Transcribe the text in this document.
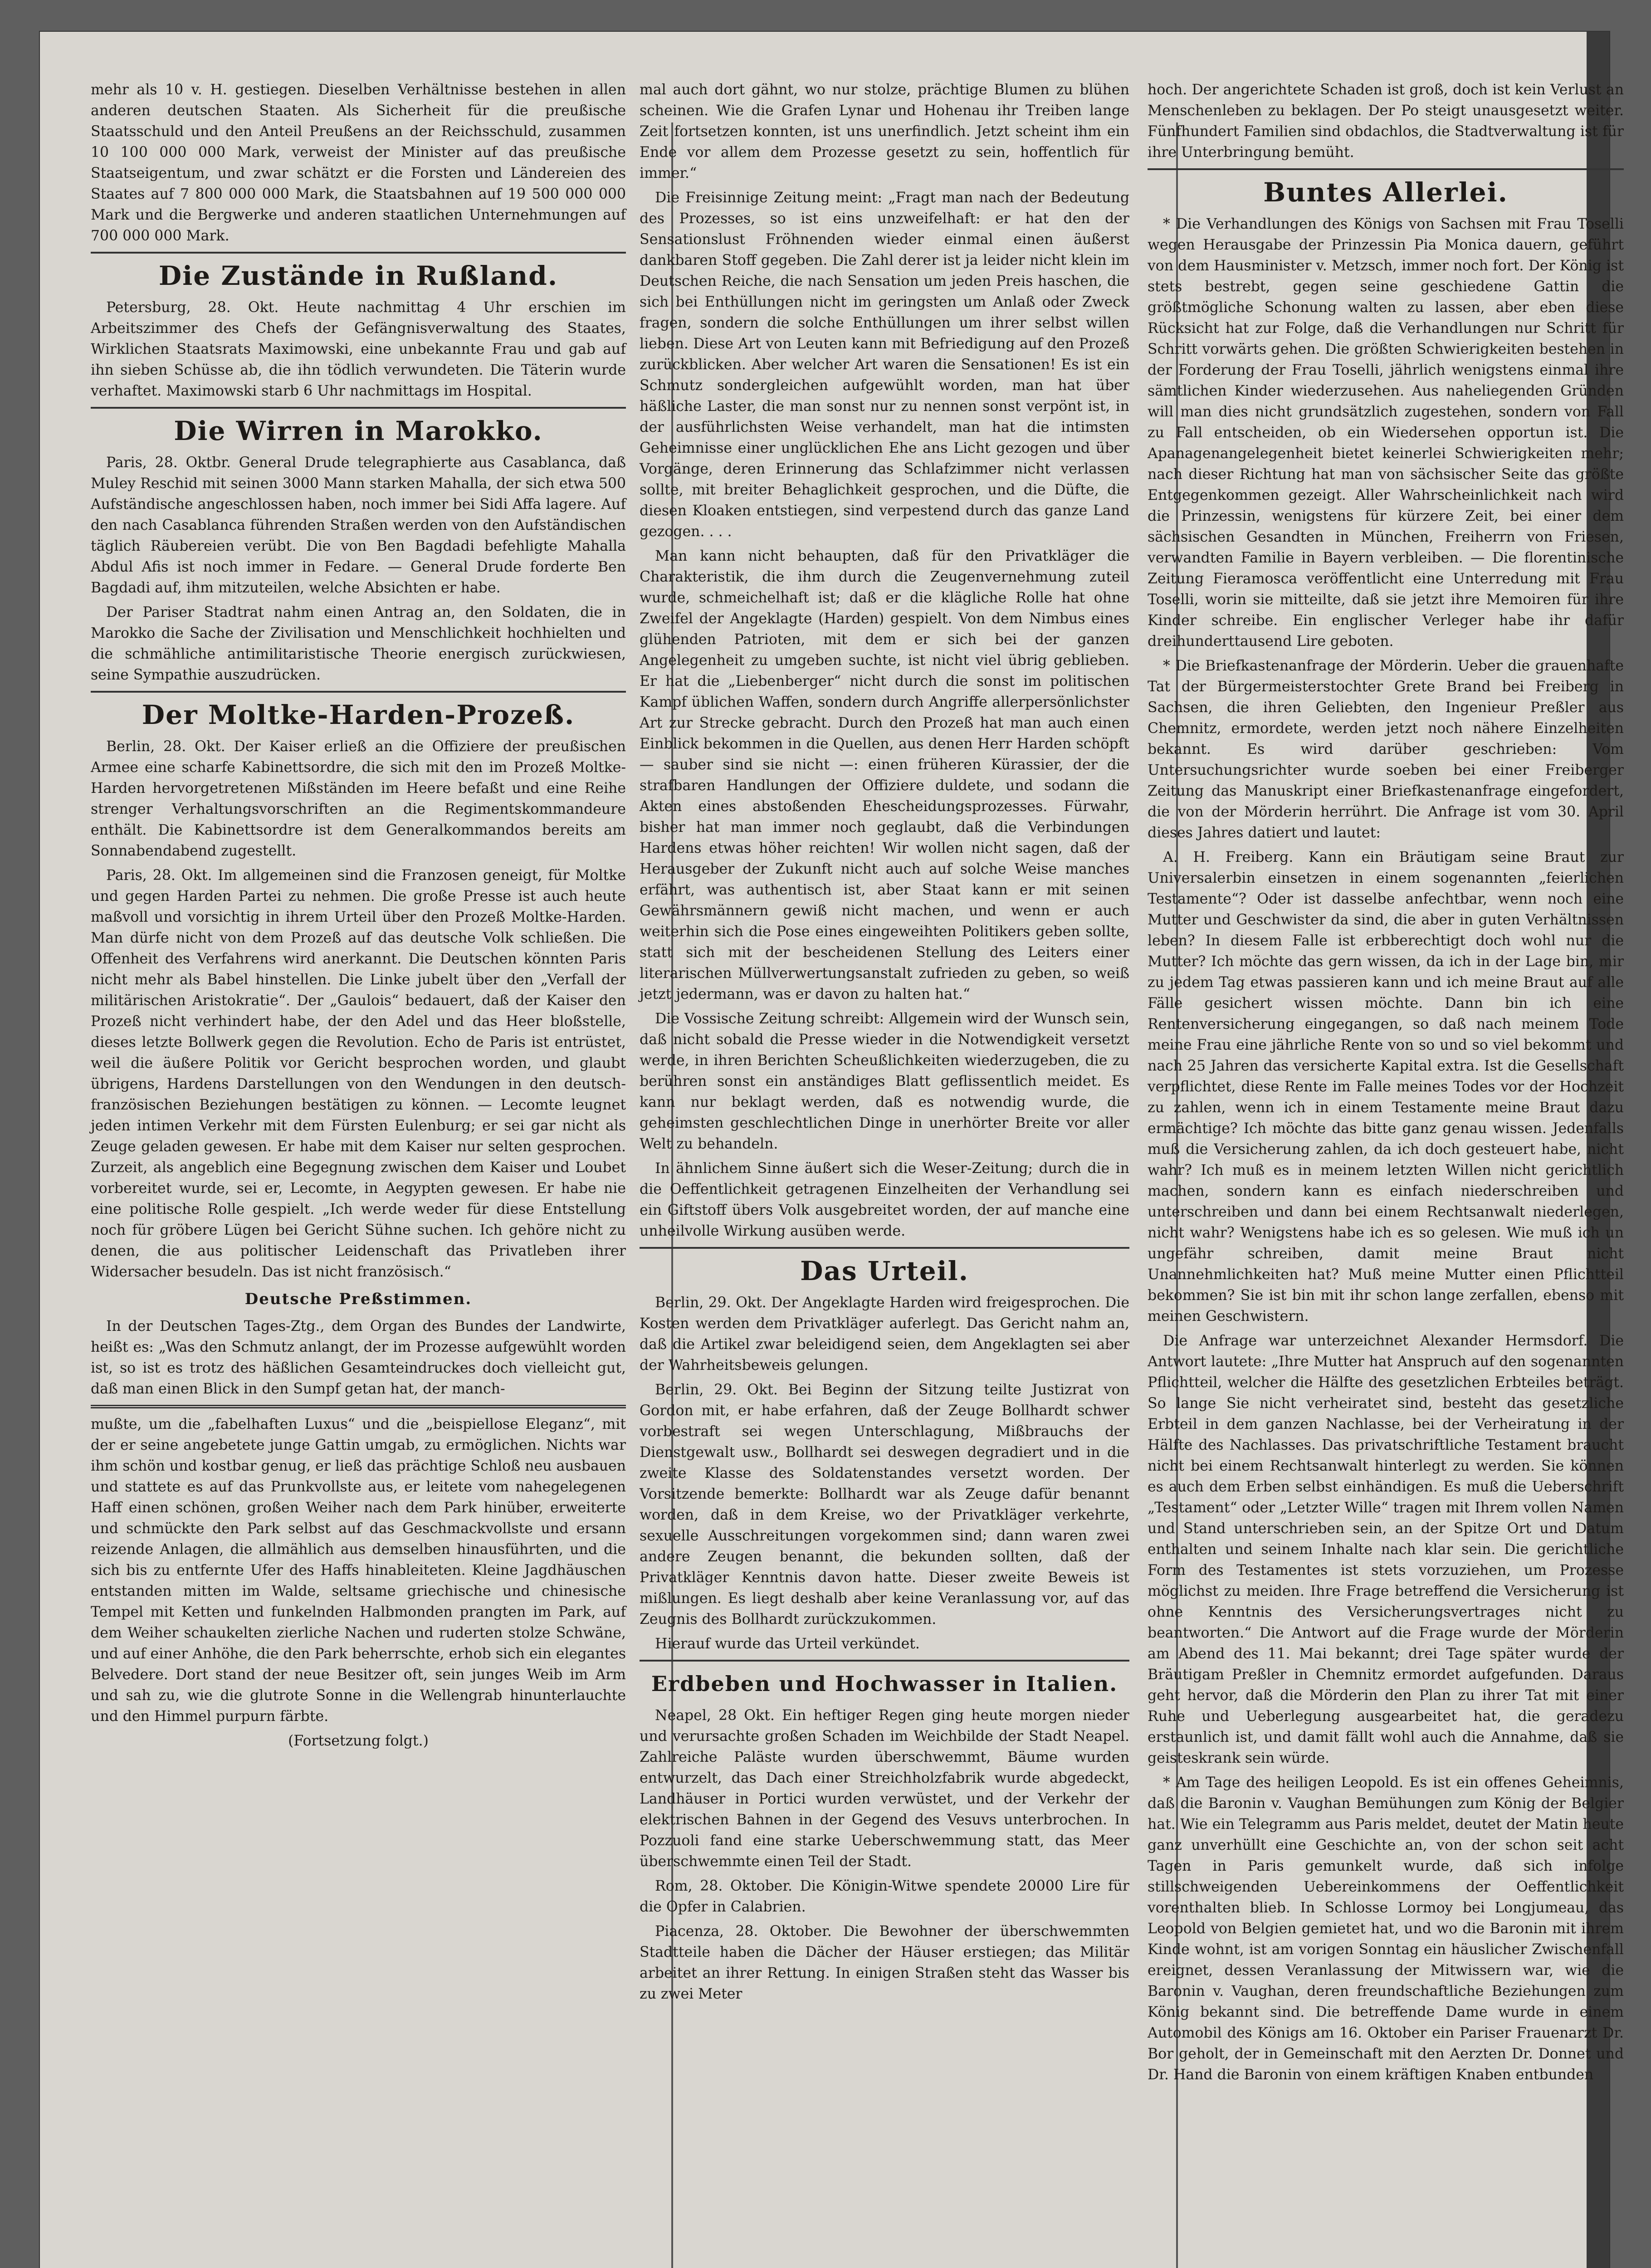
mehr als 10 v. H. gestiegen. Dieselben Verhältnisse bestehen in allen anderen deutschen Staaten. Als Sicherheit für die preußische Staatsschuld und den Anteil Preußens an der Reichsschuld, zusammen 10 100 000 000 Mark, verweist der Minister auf das preußische Staatseigentum, und zwar schätzt er die Forsten und Ländereien des Staates auf 7 800 000 000 Mark, die Staatsbahnen auf 19 500 000 000 Mark und die Bergwerke und anderen staatlichen Unternehmungen auf 700 000 000 Mark.

Die Zustände in Rußland.

Petersburg, 28. Okt. Heute nachmittag 4 Uhr erschien im Arbeitszimmer des Chefs der Gefängnisverwaltung des Staates, Wirklichen Staatsrats Maximowski, eine unbekannte Frau und gab auf ihn sieben Schüsse ab, die ihn tödlich verwundeten. Die Täterin wurde verhaftet. Maximowski starb 6 Uhr nachmittags im Hospital.

Die Wirren in Marokko.

Paris, 28. Oktbr. General Drude telegraphierte aus Casablanca, daß Muley Reschid mit seinen 3000 Mann starken Mahalla, der sich etwa 500 Aufständische angeschlossen haben, noch immer bei Sidi Affa lagere. Auf den nach Casablanca führenden Straßen werden von den Aufständischen täglich Räubereien verübt. Die von Ben Bagdadi befehligte Mahalla Abdul Afis ist noch immer in Fedare. — General Drude forderte Ben Bagdadi auf, ihm mitzuteilen, welche Absichten er habe.

Der Pariser Stadtrat nahm einen Antrag an, den Soldaten, die in Marokko die Sache der Zivilisation und Menschlichkeit hochhielten und die schmähliche antimilitaristische Theorie energisch zurückwiesen, seine Sympathie auszudrücken.

Der Moltke-Harden-Prozeß.

Berlin, 28. Okt. Der Kaiser erließ an die Offiziere der preußischen Armee eine scharfe Kabinettsordre, die sich mit den im Prozeß Moltke-Harden hervorgetretenen Mißständen im Heere befaßt und eine Reihe strenger Verhaltungsvorschriften an die Regimentskommandeure enthält. Die Kabinettsordre ist dem Generalkommandos bereits am Sonnabendabend zugestellt.

Paris, 28. Okt. Im allgemeinen sind die Franzosen geneigt, für Moltke und gegen Harden Partei zu nehmen. Die große Presse ist auch heute maßvoll und vorsichtig in ihrem Urteil über den Prozeß Moltke-Harden. Man dürfe nicht von dem Prozeß auf das deutsche Volk schließen. Die Offenheit des Verfahrens wird anerkannt. Die Deutschen könnten Paris nicht mehr als Babel hinstellen. Die Linke jubelt über den „Verfall der militärischen Aristokratie“. Der „Gaulois“ bedauert, daß der Kaiser den Prozeß nicht verhindert habe, der den Adel und das Heer bloßstelle, dieses letzte Bollwerk gegen die Revolution. Echo de Paris ist entrüstet, weil die äußere Politik vor Gericht besprochen worden, und glaubt übrigens, Hardens Darstellungen von den Wendungen in den deutsch-französischen Beziehungen bestätigen zu können. — Lecomte leugnet jeden intimen Verkehr mit dem Fürsten Eulenburg; er sei gar nicht als Zeuge geladen gewesen. Er habe mit dem Kaiser nur selten gesprochen. Zurzeit, als angeblich eine Begegnung zwischen dem Kaiser und Loubet vorbereitet wurde, sei er, Lecomte, in Aegypten gewesen. Er habe nie eine politische Rolle gespielt. „Ich werde weder für diese Entstellung noch für gröbere Lügen bei Gericht Sühne suchen. Ich gehöre nicht zu denen, die aus politischer Leidenschaft das Privatleben ihrer Widersacher besudeln. Das ist nicht französisch.“

Deutsche Preßstimmen.

In der Deutschen Tages-Ztg., dem Organ des Bundes der Landwirte, heißt es: „Was den Schmutz anlangt, der im Prozesse aufgewühlt worden ist, so ist es trotz des häßlichen Gesamteindruckes doch vielleicht gut, daß man einen Blick in den Sumpf getan hat, der manch-

mußte, um die „fabelhaften Luxus“ und die „beispiellose Eleganz“, mit der er seine angebetete junge Gattin umgab, zu ermöglichen. Nichts war ihm schön und kostbar genug, er ließ das prächtige Schloß neu ausbauen und stattete es auf das Prunkvollste aus, er leitete vom nahegelegenen Haff einen schönen, großen Weiher nach dem Park hinüber, erweiterte und schmückte den Park selbst auf das Geschmackvollste und ersann reizende Anlagen, die allmählich aus demselben hinausführten, und die sich bis zu entfernte Ufer des Haffs hinableiteten. Kleine Jagdhäuschen entstanden mitten im Walde, seltsame griechische und chinesische Tempel mit Ketten und funkelnden Halbmonden prangten im Park, auf dem Weiher schaukelten zierliche Nachen und ruderten stolze Schwäne, und auf einer Anhöhe, die den Park beherrschte, erhob sich ein elegantes Belvedere. Dort stand der neue Besitzer oft, sein junges Weib im Arm und sah zu, wie die glutrote Sonne in die Wellengrab hinunterlauchte und den Himmel purpurn färbte.

(Fortsetzung folgt.)

mal auch dort gähnt, wo nur stolze, prächtige Blumen zu blühen scheinen. Wie die Grafen Lynar und Hohenau ihr Treiben lange Zeit fortsetzen konnten, ist uns unerfindlich. Jetzt scheint ihm ein Ende vor allem dem Prozesse gesetzt zu sein, hoffentlich für immer.“

Die Freisinnige Zeitung meint: „Fragt man nach der Bedeutung des Prozesses, so ist eins unzweifelhaft: er hat den der Sensationslust Fröhnenden wieder einmal einen äußerst dankbaren Stoff gegeben. Die Zahl derer ist ja leider nicht klein im Deutschen Reiche, die nach Sensation um jeden Preis haschen, die sich bei Enthüllungen nicht im geringsten um Anlaß oder Zweck fragen, sondern die solche Enthüllungen um ihrer selbst willen lieben. Diese Art von Leuten kann mit Befriedigung auf den Prozeß zurückblicken. Aber welcher Art waren die Sensationen! Es ist ein Schmutz sondergleichen aufgewühlt worden, man hat über häßliche Laster, die man sonst nur zu nennen sonst verpönt ist, in der ausführlichsten Weise verhandelt, man hat die intimsten Geheimnisse einer unglücklichen Ehe ans Licht gezogen und über Vorgänge, deren Erinnerung das Schlafzimmer nicht verlassen sollte, mit breiter Behaglichkeit gesprochen, und die Düfte, die diesen Kloaken entstiegen, sind verpestend durch das ganze Land gezogen. . . .

Man kann nicht behaupten, daß für den Privatkläger die Charakteristik, die ihm durch die Zeugenvernehmung zuteil wurde, schmeichelhaft ist; daß er die klägliche Rolle hat ohne Zweifel der Angeklagte (Harden) gespielt. Von dem Nimbus eines glühenden Patrioten, mit dem er sich bei der ganzen Angelegenheit zu umgeben suchte, ist nicht viel übrig geblieben. Er hat die „Liebenberger“ nicht durch die sonst im politischen Kampf üblichen Waffen, sondern durch Angriffe allerpersönlichster Art zur Strecke gebracht. Durch den Prozeß hat man auch einen Einblick bekommen in die Quellen, aus denen Herr Harden schöpft — sauber sind sie nicht —: einen früheren Kürassier, der die strafbaren Handlungen der Offiziere duldete, und sodann die Akten eines abstoßenden Ehescheidungsprozesses. Fürwahr, bisher hat man immer noch geglaubt, daß die Verbindungen Hardens etwas höher reichten! Wir wollen nicht sagen, daß der Herausgeber der Zukunft nicht auch auf solche Weise manches erfährt, was authentisch ist, aber Staat kann er mit seinen Gewährsmännern gewiß nicht machen, und wenn er auch weiterhin sich die Pose eines eingeweihten Politikers geben sollte, statt sich mit der bescheidenen Stellung des Leiters einer literarischen Müllverwertungsanstalt zufrieden zu geben, so weiß jetzt jedermann, was er davon zu halten hat.“

Die Vossische Zeitung schreibt: Allgemein wird der Wunsch sein, daß nicht sobald die Presse wieder in die Notwendigkeit versetzt werde, in ihren Berichten Scheußlichkeiten wiederzugeben, die zu berühren sonst ein anständiges Blatt geflissentlich meidet. Es kann nur beklagt werden, daß es notwendig wurde, die geheimsten geschlechtlichen Dinge in unerhörter Breite vor aller Welt zu behandeln.

In ähnlichem Sinne äußert sich die Weser-Zeitung; durch die in die Oeffentlichkeit getragenen Einzelheiten der Verhandlung sei ein Giftstoff übers Volk ausgebreitet worden, der auf manche eine unheilvolle Wirkung ausüben werde.

Das Urteil.

Berlin, 29. Okt. Der Angeklagte Harden wird freigesprochen. Die Kosten werden dem Privatkläger auferlegt. Das Gericht nahm an, daß die Artikel zwar beleidigend seien, dem Angeklagten sei aber der Wahrheitsbeweis gelungen.

Berlin, 29. Okt. Bei Beginn der Sitzung teilte Justizrat von Gordon mit, er habe erfahren, daß der Zeuge Bollhardt schwer vorbestraft sei wegen Unterschlagung, Mißbrauchs der Dienstgewalt usw., Bollhardt sei deswegen degradiert und in die zweite Klasse des Soldatenstandes versetzt worden. Der Vorsitzende bemerkte: Bollhardt war als Zeuge dafür benannt worden, daß in dem Kreise, wo der Privatkläger verkehrte, sexuelle Ausschreitungen vorgekommen sind; dann waren zwei andere Zeugen benannt, die bekunden sollten, daß der Privatkläger Kenntnis davon hatte. Dieser zweite Beweis ist mißlungen. Es liegt deshalb aber keine Veranlassung vor, auf das Zeugnis des Bollhardt zurückzukommen.

Hierauf wurde das Urteil verkündet.

Erdbeben und Hochwasser in Italien.

Neapel, 28 Okt. Ein heftiger Regen ging heute morgen nieder und verursachte großen Schaden im Weichbilde der Stadt Neapel. Zahlreiche Paläste wurden überschwemmt, Bäume wurden entwurzelt, das Dach einer Streichholzfabrik wurde abgedeckt, Landhäuser in Portici wurden verwüstet, und der Verkehr der elektrischen Bahnen in der Gegend des Vesuvs unterbrochen. In Pozzuoli fand eine starke Ueberschwemmung statt, das Meer überschwemmte einen Teil der Stadt.

Rom, 28. Oktober. Die Königin-Witwe spendete 20000 Lire für die Opfer in Calabrien.

Piacenza, 28. Oktober. Die Bewohner der überschwemmten Stadtteile haben die Dächer der Häuser erstiegen; das Militär arbeitet an ihrer Rettung. In einigen Straßen steht das Wasser bis zu zwei Meter

hoch. Der angerichtete Schaden ist groß, doch ist kein Verlust an Menschenleben zu beklagen. Der Po steigt unausgesetzt weiter. Fünfhundert Familien sind obdachlos, die Stadtverwaltung ist für ihre Unterbringung bemüht.

Buntes Allerlei.

* Die Verhandlungen des Königs von Sachsen mit Frau Toselli wegen Herausgabe der Prinzessin Pia Monica dauern, geführt von dem Hausminister v. Metzsch, immer noch fort. Der König ist stets bestrebt, gegen seine geschiedene Gattin die größtmögliche Schonung walten zu lassen, aber eben diese Rücksicht hat zur Folge, daß die Verhandlungen nur Schritt für Schritt vorwärts gehen. Die größten Schwierigkeiten bestehen in der Forderung der Frau Toselli, jährlich wenigstens einmal ihre sämtlichen Kinder wiederzusehen. Aus naheliegenden Gründen will man dies nicht grundsätzlich zugestehen, sondern von Fall zu Fall entscheiden, ob ein Wiedersehen opportun ist. Die Apanagenangelegenheit bietet keinerlei Schwierigkeiten mehr; nach dieser Richtung hat man von sächsischer Seite das größte Entgegenkommen gezeigt. Aller Wahrscheinlichkeit nach wird die Prinzessin, wenigstens für kürzere Zeit, bei einer dem sächsischen Gesandten in München, Freiherrn von Friesen, verwandten Familie in Bayern verbleiben. — Die florentinische Zeitung Fieramosca veröffentlicht eine Unterredung mit Frau Toselli, worin sie mitteilte, daß sie jetzt ihre Memoiren für ihre Kinder schreibe. Ein englischer Verleger habe ihr dafür dreihunderttausend Lire geboten.

* Die Briefkastenanfrage der Mörderin. Ueber die grauenhafte Tat der Bürgermeisterstochter Grete Brand bei Freiberg in Sachsen, die ihren Geliebten, den Ingenieur Preßler aus Chemnitz, ermordete, werden jetzt noch nähere Einzelheiten bekannt. Es wird darüber geschrieben: Vom Untersuchungsrichter wurde soeben bei einer Freiberger Zeitung das Manuskript einer Briefkastenanfrage eingefordert, die von der Mörderin herrührt. Die Anfrage ist vom 30. April dieses Jahres datiert und lautet:

A. H. Freiberg. Kann ein Bräutigam seine Braut zur Universalerbin einsetzen in einem sogenannten „feierlichen Testamente“? Oder ist dasselbe anfechtbar, wenn noch eine Mutter und Geschwister da sind, die aber in guten Verhältnissen leben? In diesem Falle ist erbberechtigt doch wohl nur die Mutter? Ich möchte das gern wissen, da ich in der Lage bin, mir zu jedem Tag etwas passieren kann und ich meine Braut auf alle Fälle gesichert wissen möchte. Dann bin ich eine Rentenversicherung eingegangen, so daß nach meinem Tode meine Frau eine jährliche Rente von so und so viel bekommt und nach 25 Jahren das versicherte Kapital extra. Ist die Gesellschaft verpflichtet, diese Rente im Falle meines Todes vor der Hochzeit zu zahlen, wenn ich in einem Testamente meine Braut dazu ermächtige? Ich möchte das bitte ganz genau wissen. Jedenfalls muß die Versicherung zahlen, da ich doch gesteuert habe, nicht wahr? Ich muß es in meinem letzten Willen nicht gerichtlich machen, sondern kann es einfach niederschreiben und unterschreiben und dann bei einem Rechtsanwalt niederlegen, nicht wahr? Wenigstens habe ich es so gelesen. Wie muß ich un ungefähr schreiben, damit meine Braut nicht Unannehmlichkeiten hat? Muß meine Mutter einen Pflichtteil bekommen? Sie ist bin mit ihr schon lange zerfallen, ebenso mit meinen Geschwistern.

Die Anfrage war unterzeichnet Alexander Hermsdorf. Die Antwort lautete: „Ihre Mutter hat Anspruch auf den sogenannten Pflichtteil, welcher die Hälfte des gesetzlichen Erbteiles beträgt. So lange Sie nicht verheiratet sind, besteht das gesetzliche Erbteil in dem ganzen Nachlasse, bei der Verheiratung in der Hälfte des Nachlasses. Das privatschriftliche Testament braucht nicht bei einem Rechtsanwalt hinterlegt zu werden. Sie können es auch dem Erben selbst einhändigen. Es muß die Ueberschrift „Testament“ oder „Letzter Wille“ tragen mit Ihrem vollen Namen und Stand unterschrieben sein, an der Spitze Ort und Datum enthalten und seinem Inhalte nach klar sein. Die gerichtliche Form des Testamentes ist stets vorzuziehen, um Prozesse möglichst zu meiden. Ihre Frage betreffend die Versicherung ist ohne Kenntnis des Versicherungsvertrages nicht zu beantworten.“ Die Antwort auf die Frage wurde der Mörderin am Abend des 11. Mai bekannt; drei Tage später wurde der Bräutigam Preßler in Chemnitz ermordet aufgefunden. Daraus geht hervor, daß die Mörderin den Plan zu ihrer Tat mit einer Ruhe und Ueberlegung ausgearbeitet hat, die geradezu erstaunlich ist, und damit fällt wohl auch die Annahme, daß sie geisteskrank sein würde.

* Am Tage des heiligen Leopold. Es ist ein offenes Geheimnis, daß die Baronin v. Vaughan Bemühungen zum König der Belgier hat. Wie ein Telegramm aus Paris meldet, deutet der Matin heute ganz unverhüllt eine Geschichte an, von der schon seit acht Tagen in Paris gemunkelt wurde, daß sich infolge stillschweigenden Uebereinkommens der Oeffentlichkeit vorenthalten blieb. In Schlosse Lormoy bei Longjumeau, das Leopold von Belgien gemietet hat, und wo die Baronin mit ihrem Kinde wohnt, ist am vorigen Sonntag ein häuslicher Zwischenfall ereignet, dessen Veranlassung der Mitwissern war, wie die Baronin v. Vaughan, deren freundschaftliche Beziehungen zum König bekannt sind. Die betreffende Dame wurde in einem Automobil des Königs am 16. Oktober ein Pariser Frauenarzt Dr. Bor geholt, der in Gemeinschaft mit den Aerzten Dr. Donnet und Dr. Hand die Baronin von einem kräftigen Knaben entbunden
